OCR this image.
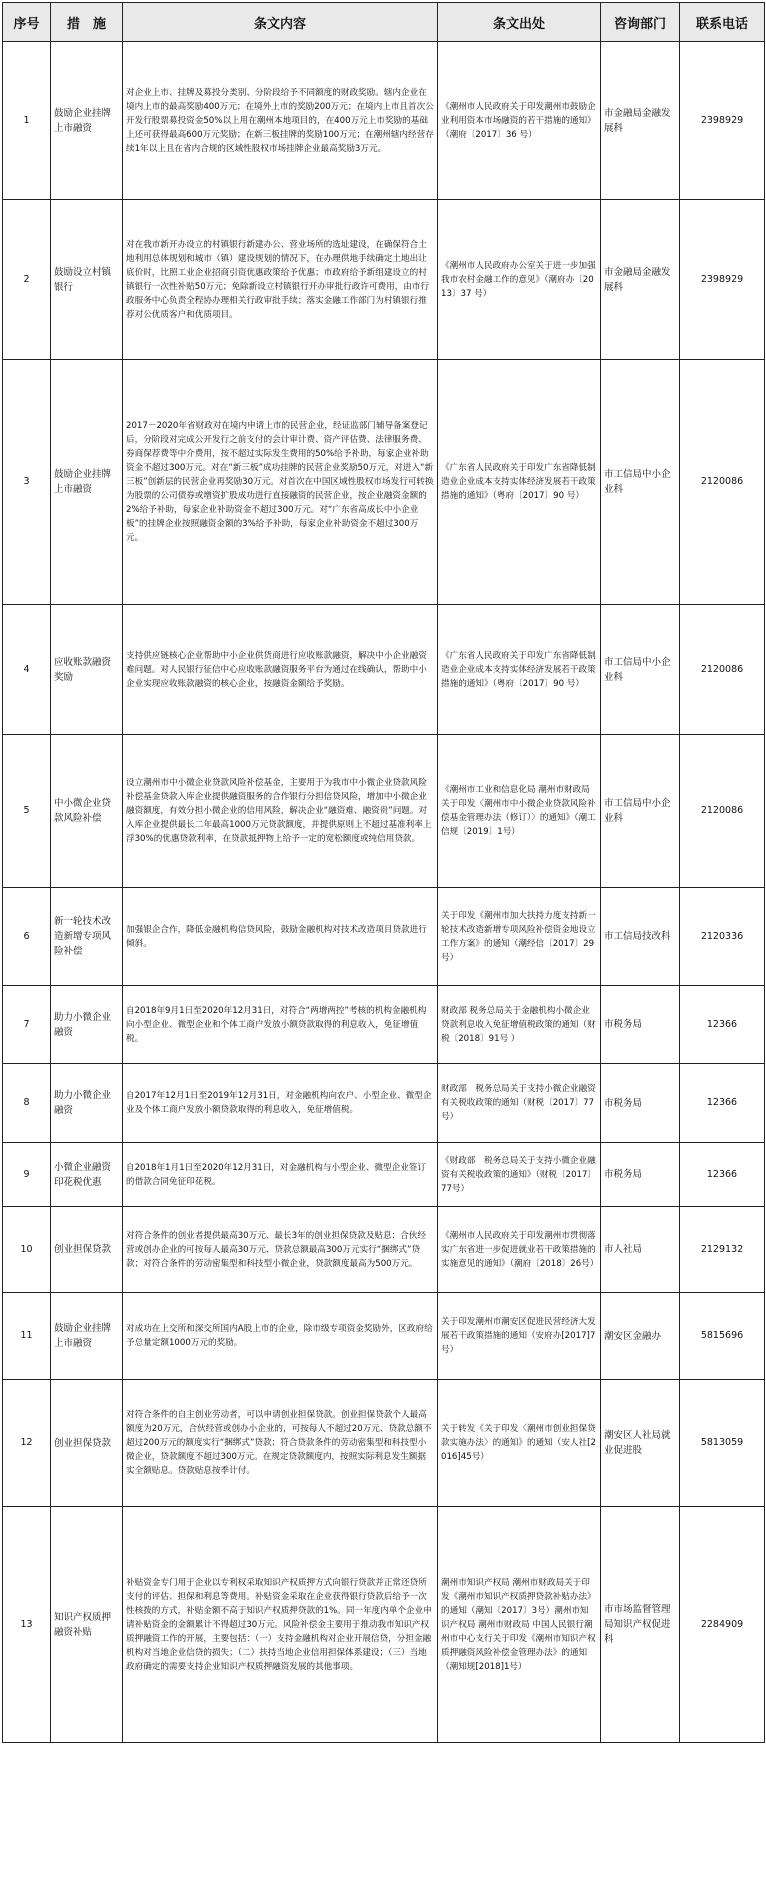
序号	措　施	条文内容	条文出处	咨询部门	联系电话
1	鼓励企业挂牌上市融资	对企业上市、挂牌及募投分类别、分阶段给予不同额度的财政奖励。辖内企业在境内上市的最高奖励400万元；在境外上市的奖励200万元；在境内上市且首次公开发行股票募投资金50%以上用在潮州本地项目的，在400万元上市奖励的基础上还可获得最高600万元奖励；在新三板挂牌的奖励100万元；在潮州辖内经营存续1年以上且在省内合规的区域性股权市场挂牌企业最高奖励3万元。	《潮州市人民政府关于印发潮州市鼓励企业利用资本市场融资的若干措施的通知》（潮府〔2017〕36 号）	市金融局金融发展科	2398929
2	鼓励设立村镇银行	对在我市新开办设立的村镇银行新建办公、营业场所的选址建设，在确保符合土地利用总体规划和城市（镇）建设规划的情况下，在办理供地手续确定土地出让底价时，比照工业企业招商引资优惠政策给予优惠；市政府给予新组建设立的村镇银行一次性补贴50万元；免除新设立村镇银行开办审批行政许可费用，由市行政服务中心负责全程协办理相关行政审批手续；落实金融工作部门为村镇银行推荐对公优质客户和优质项目。	《潮州市人民政府办公室关于进一步加强我市农村金融工作的意见》（潮府办〔2013〕37 号）	市金融局金融发展科	2398929
3	鼓励企业挂牌上市融资	2017－2020年省财政对在境内申请上市的民营企业，经证监部门辅导备案登记后，分阶段对完成公开发行之前支付的会计审计费、资产评估费、法律服务费、券商保荐费等中介费用，按不超过实际发生费用的50%给予补助，每家企业补助资金不超过300万元。对在“新三板”成功挂牌的民营企业奖励50万元，对进入“新三板”创新层的民营企业再奖励30万元。对首次在中国区域性股权市场发行可转换为股票的公司债券或增资扩股成功进行直接融资的民营企业，按企业融资金额的2%给予补助，每家企业补助资金不超过300万元。对“广东省高成长中小企业板”的挂牌企业按照融资金额的3%给予补助，每家企业补助资金不超过300万元。	《广东省人民政府关于印发广东省降低制造业企业成本支持实体经济发展若干政策措施的通知》（粤府〔2017〕90 号）	市工信局中小企业科	2120086
4	应收账款融资奖励	支持供应链核心企业帮助中小企业供货商进行应收账款融资，解决中小企业融资难问题。对人民银行征信中心应收账款融资服务平台为通过在线确认，帮助中小企业实现应收账款融资的核心企业，按融资金额给予奖励。	《广东省人民政府关于印发广东省降低制造业企业成本支持实体经济发展若干政策措施的通知》（粤府〔2017〕90 号）	市工信局中小企业科	2120086
5	中小微企业贷款风险补偿	设立潮州市中小微企业贷款风险补偿基金，主要用于为我市中小微企业贷款风险补偿基金贷款入库企业提供融资服务的合作银行分担信贷风险，增加中小微企业融资额度，有效分担小微企业的信用风险，解决企业“融资难、融资贵”问题。对入库企业提供最长二年最高1000万元贷款额度，并提供原则上不超过基准利率上浮30%的优惠贷款利率，在贷款抵押物上给予一定的宽松额度或纯信用贷款。	《潮州市工业和信息化局 潮州市财政局关于印发〈潮州市中小微企业贷款风险补偿基金管理办法（修订）〉的通知》（潮工信规〔2019〕1号）	市工信局中小企业科	2120086
6	新一轮技术改造新增专项风险补偿	加强银企合作，降低金融机构信贷风险，鼓励金融机构对技术改造项目贷款进行倾斜。	关于印发《潮州市加大扶持力度支持新一轮技术改造新增专项风险补偿资金地设立工作方案》的通知（潮经信〔2017〕29号）	市工信局技改科	2120336
7	助力小微企业融资	自2018年9月1日至2020年12月31日，对符合“两增两控”考核的机构金融机构向小型企业、微型企业和个体工商户发放小额贷款取得的利息收入，免征增值税。	财政部 税务总局关于金融机构小微企业贷款利息收入免征增值税政策的通知（财税〔2018〕91号 ）	市税务局	12366
8	助力小微企业融资	自2017年12月1日至2019年12月31日，对金融机构向农户、小型企业、微型企业及个体工商户发放小额贷款取得的利息收入，免征增值税。	财政部　税务总局关于支持小微企业融资有关税收政策的通知（财税〔2017〕77号）	市税务局	12366
9	小微企业融资印花税优惠	自2018年1月1日至2020年12月31日，对金融机构与小型企业、微型企业签订的借款合同免征印花税。	《财政部　税务总局关于支持小微企业融资有关税收政策的通知》（财税〔2017〕77号）	市税务局	12366
10	创业担保贷款	对符合条件的创业者提供最高30万元、最长3年的创业担保贷款及贴息；合伙经营或创办企业的可按每人最高30万元、贷款总额最高300万元实行“捆绑式”贷款；对符合条件的劳动密集型和科技型小微企业，贷款额度最高为500万元。	《潮州市人民政府关于印发潮州市贯彻落实广东省进一步促进就业若干政策措施的实施意见的通知》（潮府〔2018〕26号）	市人社局	2129132
11	鼓励企业挂牌上市融资	对成功在上交所和深交所国内A股上市的企业，除市级专项资金奖励外，区政府给予总量定额1000万元的奖励。	关于印发潮州市潮安区促进民营经济大发展若干政策措施的通知（安府办[2017]7号）	潮安区金融办	5815696
12	创业担保贷款	对符合条件的自主创业劳动者，可以申请创业担保贷款。创业担保贷款个人最高额度为20万元，合伙经营或创办小企业的，可按每人不超过20万元、贷款总额不超过200万元的额度实行“捆绑式”贷款；符合贷款条件的劳动密集型和科技型小微企业，贷款额度不超过300万元。在规定贷款额度内，按照实际利息发生额据实全额贴息。贷款贴息按季计付。	关于转发《关于印发〈潮州市创业担保贷款实施办法〉的通知》的通知（安人社[2016]45号）	潮安区人社局就业促进股	5813059
13	知识产权质押融资补贴	补贴资金专门用于企业以专利权采取知识产权质押方式向银行贷款并正常还贷所支付的评估、担保和利息等费用。补贴资金采取在企业获得银行贷款后给予一次性核拨的方式，补贴金额不高于知识产权质押贷款的1%。同一年度内单个企业申请补贴资金的金额累计不得超过30万元。风险补偿金主要用于推动我市知识产权质押融资工作的开展，主要包括：（一）支持金融机构对企业开展信贷，分担金融机构对当地企业信贷的损失；（二）扶持当地企业信用担保体系建设；（三）当地政府确定的需要支持企业知识产权质押融资发展的其他事项。	潮州市知识产权局 潮州市财政局关于印发《潮州市知识产权质押贷款补贴办法》的通知（潮知〔2017〕3号）潮州市知识产权局 潮州市财政局 中国人民银行潮州市中心支行关于印发《潮州市知识产权质押融资风险补偿金管理办法》的通知（潮知规[2018]1号）	市市场监督管理局知识产权促进科	2284909
